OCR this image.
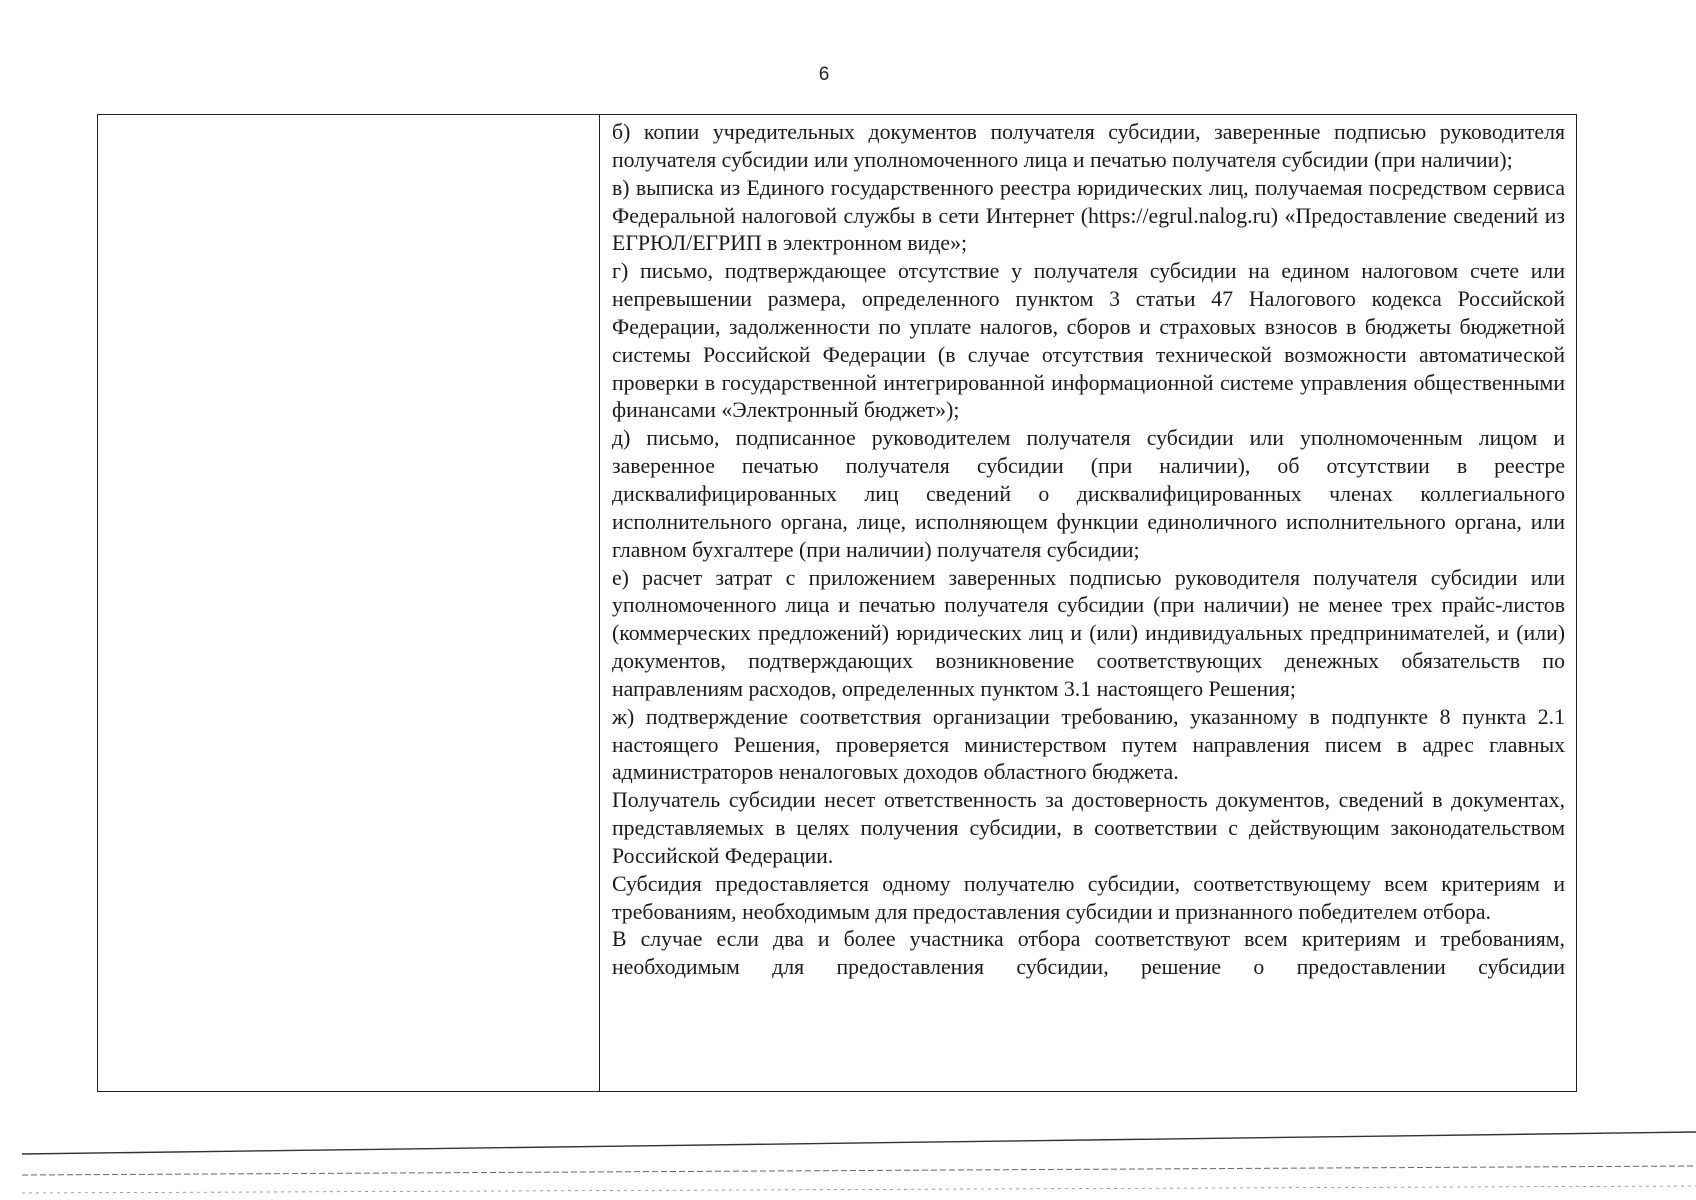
6

б) копии учредительных документов получателя субсидии, заверенные подписью руководителя получателя субсидии или уполномоченного лица и печатью получателя субсидии (при наличии);

в) выписка из Единого государственного реестра юридических лиц, получаемая посредством сервиса Федеральной налоговой службы в сети Интернет (https://egrul.nalog.ru) «Предоставление сведений из ЕГРЮЛ/ЕГРИП в электронном виде»;

г) письмо, подтверждающее отсутствие у получателя субсидии на едином налоговом счете или непревышении размера, определенного пунктом 3 статьи 47 Налогового кодекса Российской Федерации, задолженности по уплате налогов, сборов и страховых взносов в бюджеты бюджетной системы Российской Федерации (в случае отсутствия технической возможности автоматической проверки в государственной интегрированной информационной системе управления общественными финансами «Электронный бюджет»);

д) письмо, подписанное руководителем получателя субсидии или уполномоченным лицом и заверенное печатью получателя субсидии (при наличии), об отсутствии в реестре дисквалифицированных лиц сведений о дисквалифицированных членах коллегиального исполнительного органа, лице, исполняющем функции единоличного исполнительного органа, или главном бухгалтере (при наличии) получателя субсидии;

е) расчет затрат с приложением заверенных подписью руководителя получателя субсидии или уполномоченного лица и печатью получателя субсидии (при наличии) не менее трех прайс-листов (коммерческих предложений) юридических лиц и (или) индивидуальных предпринимателей, и (или) документов, подтверждающих возникновение соответствующих денежных обязательств по направлениям расходов, определенных пунктом 3.1 настоящего Решения;

ж) подтверждение соответствия организации требованию, указанному в подпункте 8 пункта 2.1 настоящего Решения, проверяется министерством путем направления писем в адрес главных администраторов неналоговых доходов областного бюджета.

Получатель субсидии несет ответственность за достоверность документов, сведений в документах, представляемых в целях получения субсидии, в соответствии с действующим законодательством Российской Федерации.

Субсидия предоставляется одному получателю субсидии, соответствующему всем критериям и требованиям, необходимым для предоставления субсидии и признанного победителем отбора.

В случае если два и более участника отбора соответствуют всем критериям и требованиям, необходимым для предоставления субсидии, решение о предоставлении субсидии
